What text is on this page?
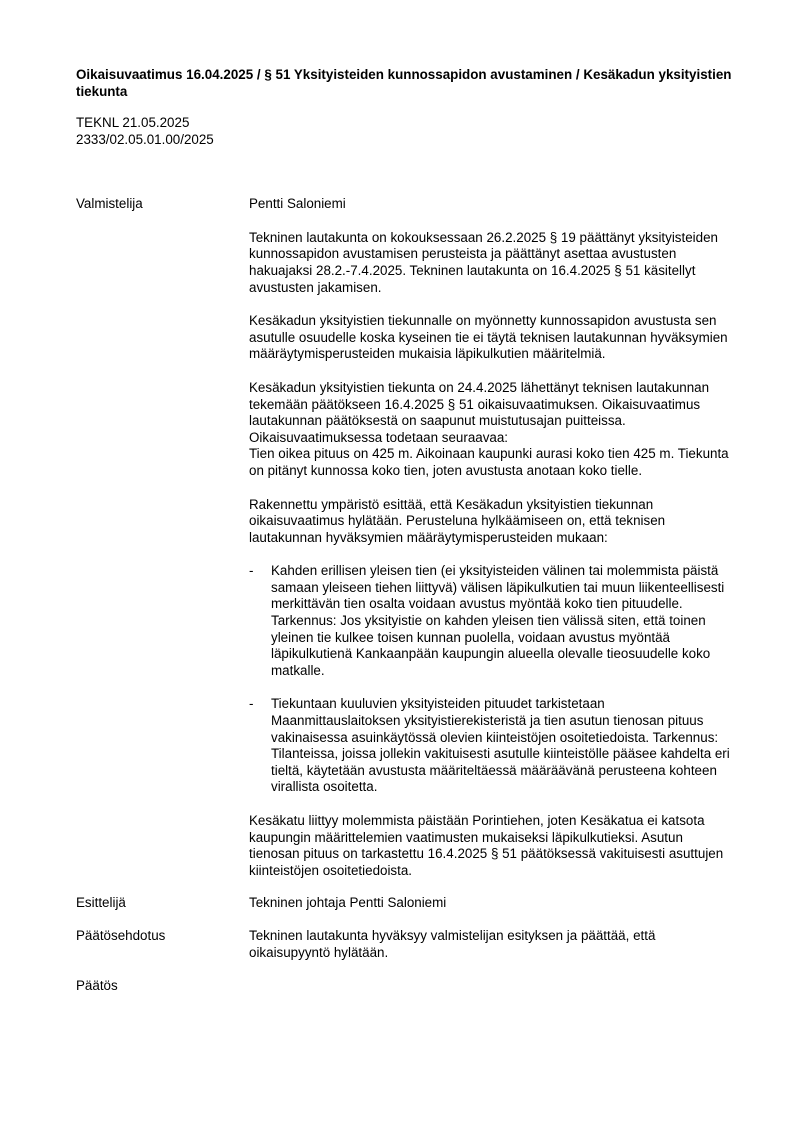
Oikaisuvaatimus 16.04.2025 / § 51 Yksityisteiden kunnossapidon avustaminen / Kesäkadun yksityistien tiekunta
TEKNL 21.05.2025
2333/02.05.01.00/2025
Valmistelija	Pentti Saloniemi

Tekninen lautakunta on kokouksessaan 26.2.2025 § 19 päättänyt yksityisteiden kunnossapidon avustamisen perusteista ja päättänyt asettaa avustusten hakuajaksi 28.2.-7.4.2025. Tekninen lautakunta on 16.4.2025 § 51 käsitellyt avustusten jakamisen.

Kesäkadun yksityistien tiekunnalle on myönnetty kunnossapidon avustusta sen asutulle osuudelle koska kyseinen tie ei täytä teknisen lautakunnan hyväksymien määräytymisperusteiden mukaisia läpikulkutien määritelmiä.

Kesäkadun yksityistien tiekunta on 24.4.2025 lähettänyt teknisen lautakunnan tekemään päätökseen 16.4.2025 § 51 oikaisuvaatimuksen. Oikaisuvaatimus lautakunnan päätöksestä on saapunut muistutusajan puitteissa. Oikaisuvaatimuksessa todetaan seuraavaa:
Tien oikea pituus on 425 m. Aikoinaan kaupunki aurasi koko tien 425 m. Tiekunta on pitänyt kunnossa koko tien, joten avustusta anotaan koko tielle.

Rakennettu ympäristö esittää, että Kesäkadun yksityistien tiekunnan oikaisuvaatimus hylätään. Perusteluna hylkäämiseen on, että teknisen lautakunnan hyväksymien määräytymisperusteiden mukaan:

-	Kahden erillisen yleisen tien (ei yksityisteiden välinen tai molemmista päistä samaan yleiseen tiehen liittyvä) välisen läpikulkutien tai muun liikenteellisesti merkittävän tien osalta voidaan avustus myöntää koko tien pituudelle. Tarkennus: Jos yksityistie on kahden yleisen tien välissä siten, että toinen yleinen tie kulkee toisen kunnan puolella, voidaan avustus myöntää läpikulkutienä Kankaanpään kaupungin alueella olevalle tieosuudelle koko matkalle.
-	Tiekuntaan kuuluvien yksityisteiden pituudet tarkistetaan Maanmittauslaitoksen yksityistierekisteristä ja tien asutun tienosan pituus vakinaisessa asuinkäytössä olevien kiinteistöjen osoitetiedoista. Tarkennus: Tilanteissa, joissa jollekin vakituisesti asutulle kiinteistölle pääsee kahdelta eri tieltä, käytetään avustusta määriteltäessä määräävänä perusteena kohteen virallista osoitetta.

Kesäkatu liittyy molemmista päistään Porintiehen, joten Kesäkatua ei katsota kaupungin määrittelemien vaatimusten mukaiseksi läpikulkutieksi. Asutun tienosan pituus on tarkastettu 16.4.2025 § 51 päätöksessä vakituisesti asuttujen kiinteistöjen osoitetiedoista.

Esittelijä	Tekninen johtaja Pentti Saloniemi
Päätösehdotus	Tekninen lautakunta hyväksyy valmistelijan esityksen ja päättää, että oikaisupyyntö hylätään.
Päätös
